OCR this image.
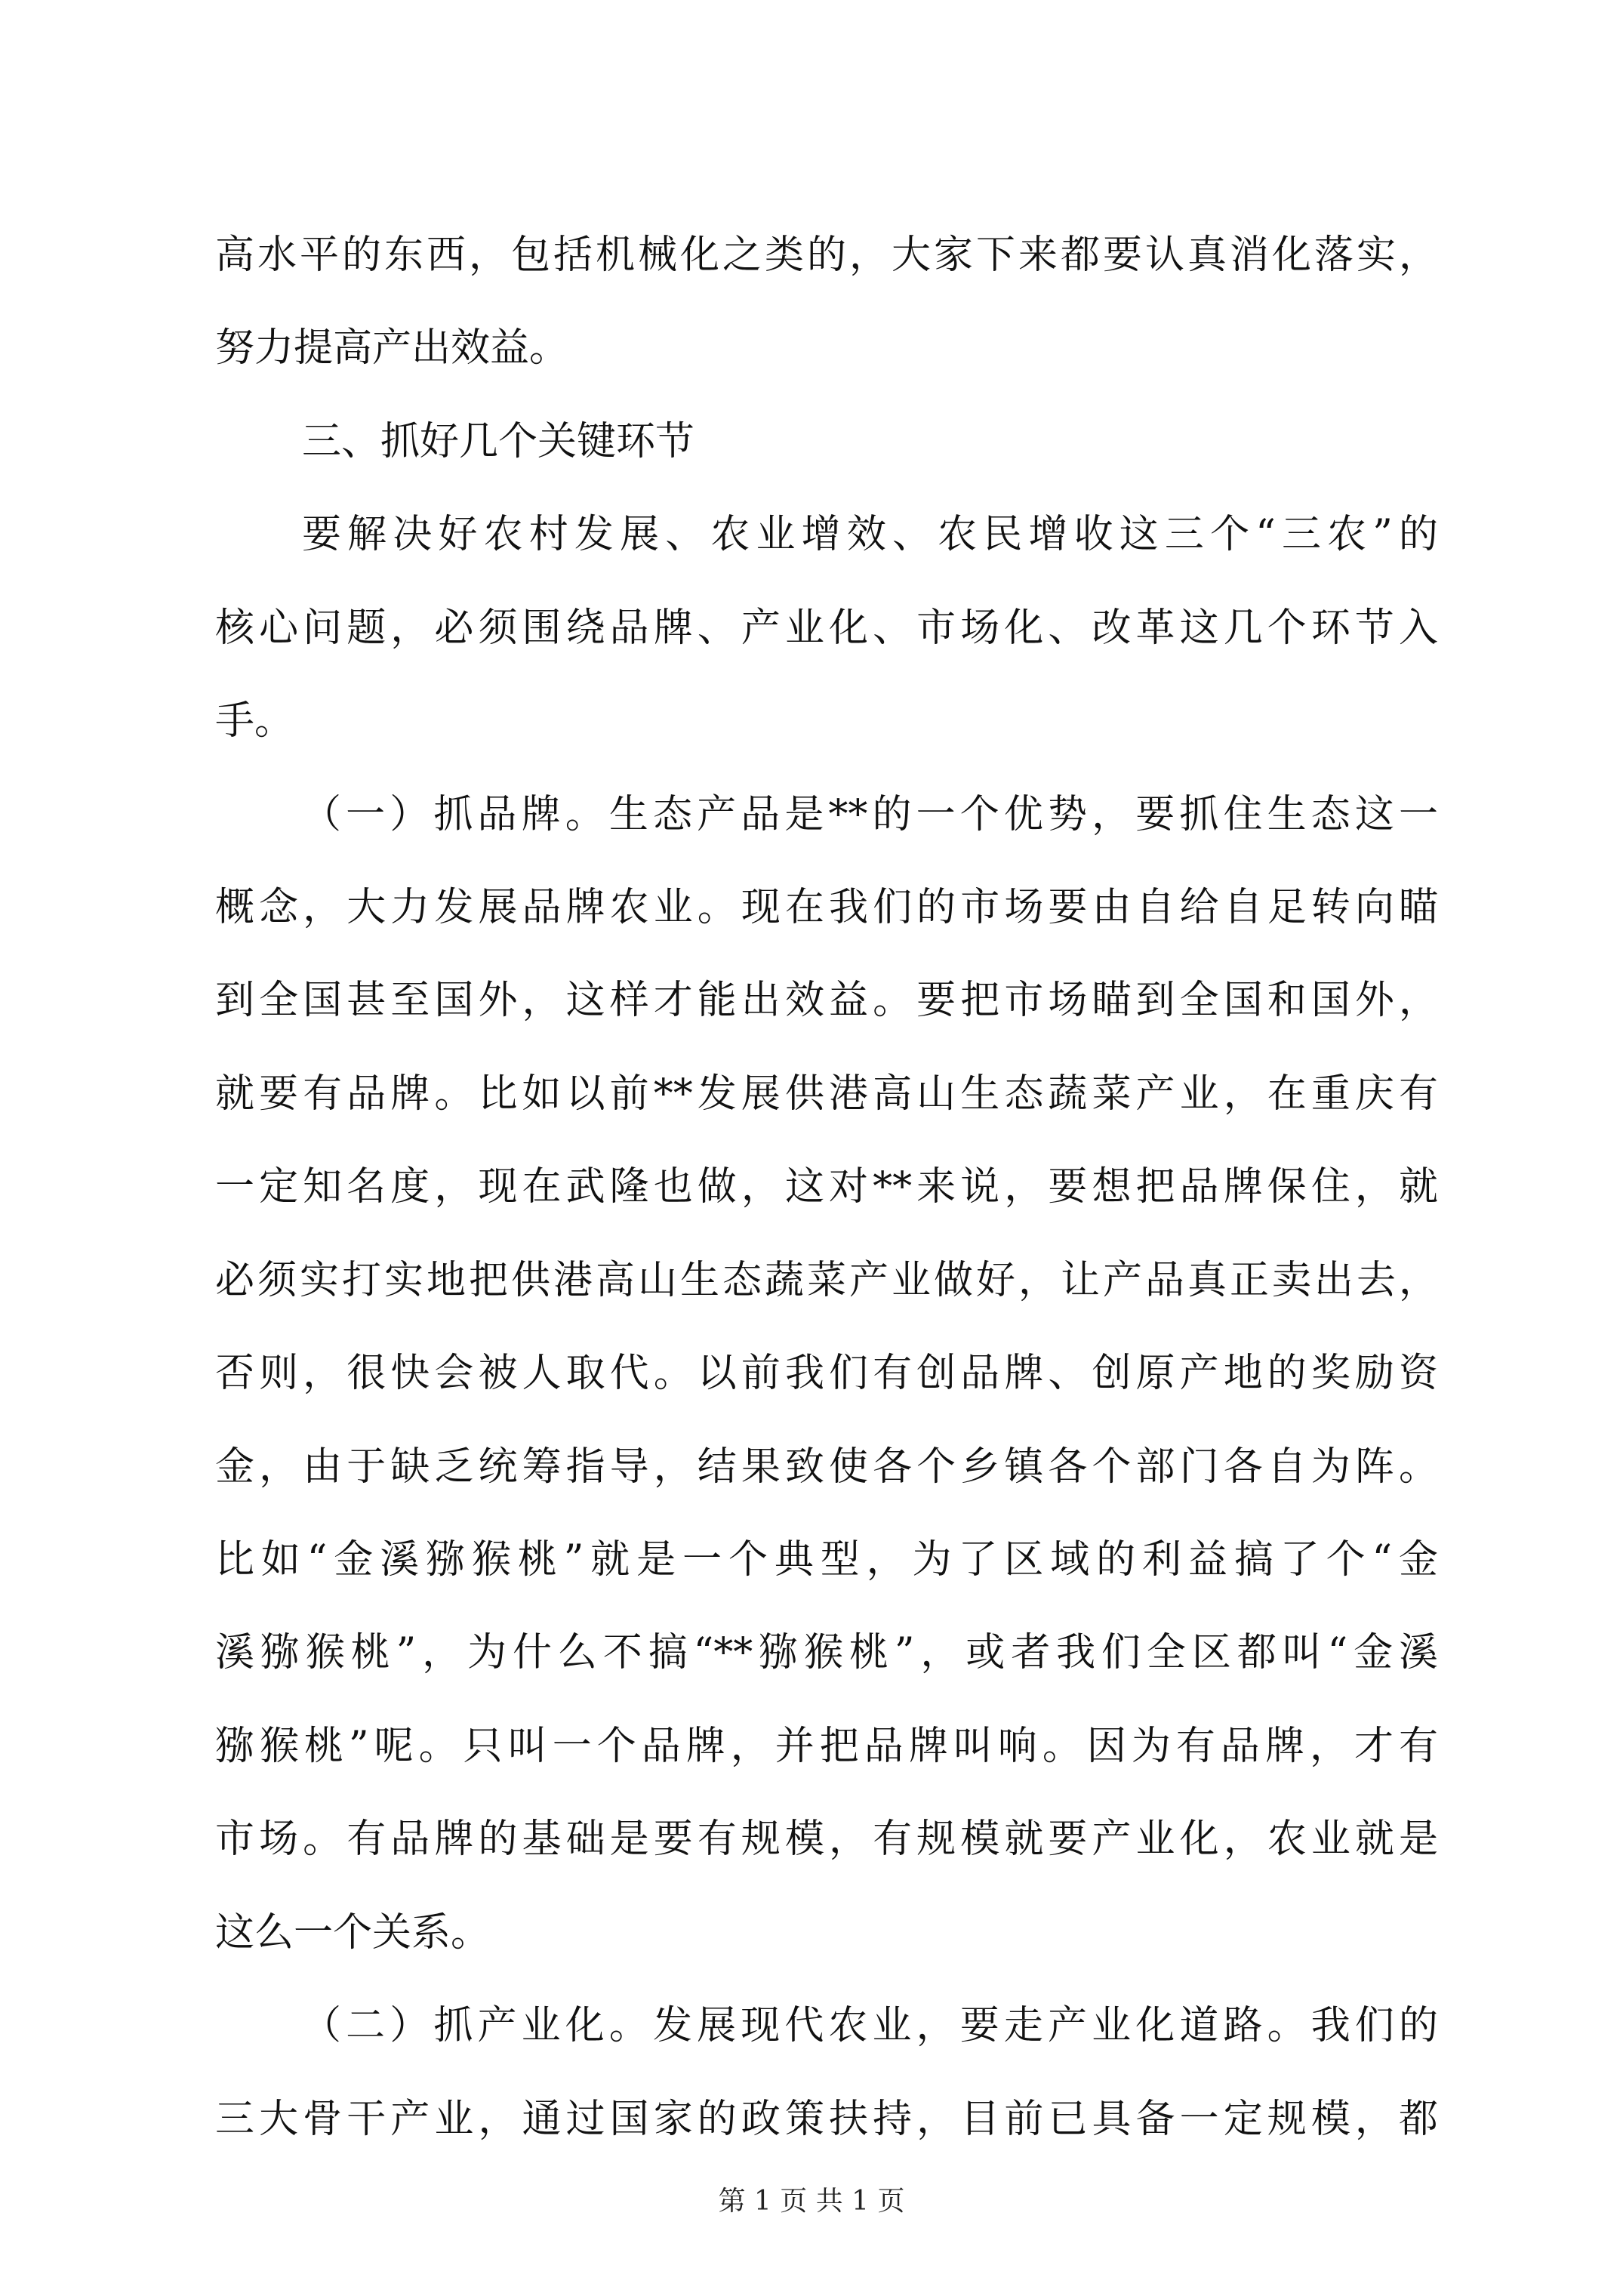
高水平的东西，包括机械化之类的，大家下来都要认真消化落实，
努力提高产出效益。
三、抓好几个关键环节
要解决好农村发展、农业增效、农民增收这三个“三农”的
核心问题，必须围绕品牌、产业化、市场化、改革这几个环节入
手。
（一）抓品牌。生态产品是**的一个优势，要抓住生态这一
概念，大力发展品牌农业。现在我们的市场要由自给自足转向瞄
到全国甚至国外，这样才能出效益。要把市场瞄到全国和国外，
就要有品牌。比如以前**发展供港高山生态蔬菜产业，在重庆有
一定知名度，现在武隆也做，这对**来说，要想把品牌保住，就
必须实打实地把供港高山生态蔬菜产业做好，让产品真正卖出去，
否则，很快会被人取代。以前我们有创品牌、创原产地的奖励资
金，由于缺乏统筹指导，结果致使各个乡镇各个部门各自为阵。
比如“金溪猕猴桃”就是一个典型，为了区域的利益搞了个“金
溪猕猴桃”，为什么不搞“**猕猴桃”，或者我们全区都叫“金溪
猕猴桃”呢。只叫一个品牌，并把品牌叫响。因为有品牌，才有
市场。有品牌的基础是要有规模，有规模就要产业化，农业就是
这么一个关系。
（二）抓产业化。发展现代农业，要走产业化道路。我们的
三大骨干产业，通过国家的政策扶持，目前已具备一定规模，都
第 1 页 共 1 页
